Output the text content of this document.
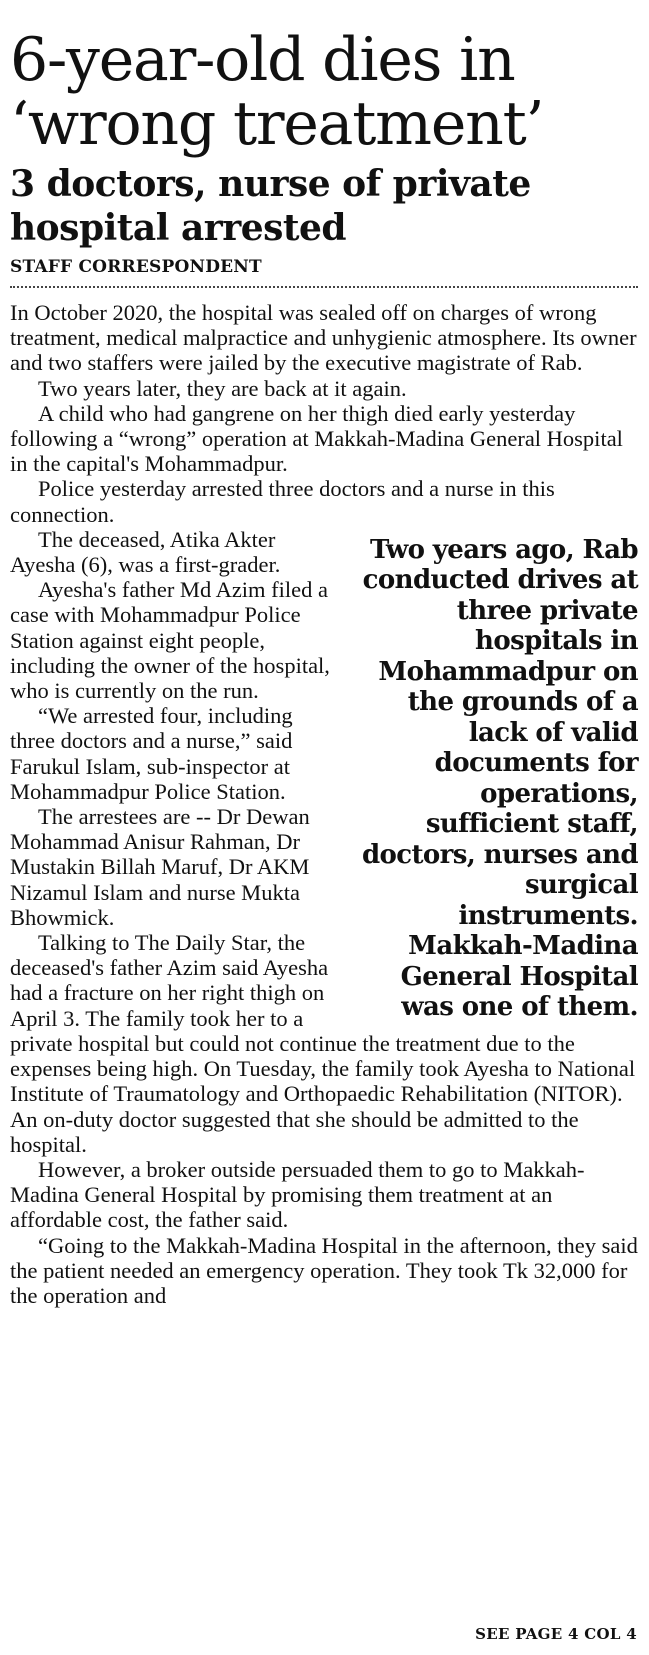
6-year-old dies in ‘wrong treatment’
3 doctors, nurse of private hospital arrested
STAFF CORRESPONDENT

In October 2020, the hospital was sealed off on charges of wrong treatment, medical malpractice and unhygienic atmosphere. Its owner and two staffers were jailed by the executive magistrate of Rab.

Two years later, they are back at it again.

A child who had gangrene on her thigh died early yesterday following a “wrong” operation at Makkah-Madina General Hospital in the capital's Mohammadpur.

Police yesterday arrested three doctors and a nurse in this connection.

Two years ago, Rab conducted drives at three private hospitals in Mohammadpur on the grounds of a lack of valid documents for operations, sufficient staff, doctors, nurses and surgical instruments. Makkah-Madina General Hospital was one of them.

The deceased, Atika Akter Ayesha (6), was a first-grader.

Ayesha's father Md Azim filed a case with Mohammadpur Police Station against eight people, including the owner of the hospital, who is currently on the run.

“We arrested four, including three doctors and a nurse,” said Farukul Islam, sub-inspector at Mohammadpur Police Station.

The arrestees are -- Dr Dewan Mohammad Anisur Rahman, Dr Mustakin Billah Maruf, Dr AKM Nizamul Islam and nurse Mukta Bhowmick.

Talking to The Daily Star, the deceased's father Azim said Ayesha had a fracture on her right thigh on April 3. The family took her to a private hospital but could not continue the treatment due to the expenses being high. On Tuesday, the family took Ayesha to National Institute of Traumatology and Orthopaedic Rehabilitation (NITOR). An on-duty doctor suggested that she should be admitted to the hospital.

However, a broker outside persuaded them to go to Makkah-Madina General Hospital by promising them treatment at an affordable cost, the father said.

“Going to the Makkah-Madina Hospital in the afternoon, they said the patient needed an emergency operation. They took Tk 32,000 for the operation and

SEE PAGE 4 COL 4
